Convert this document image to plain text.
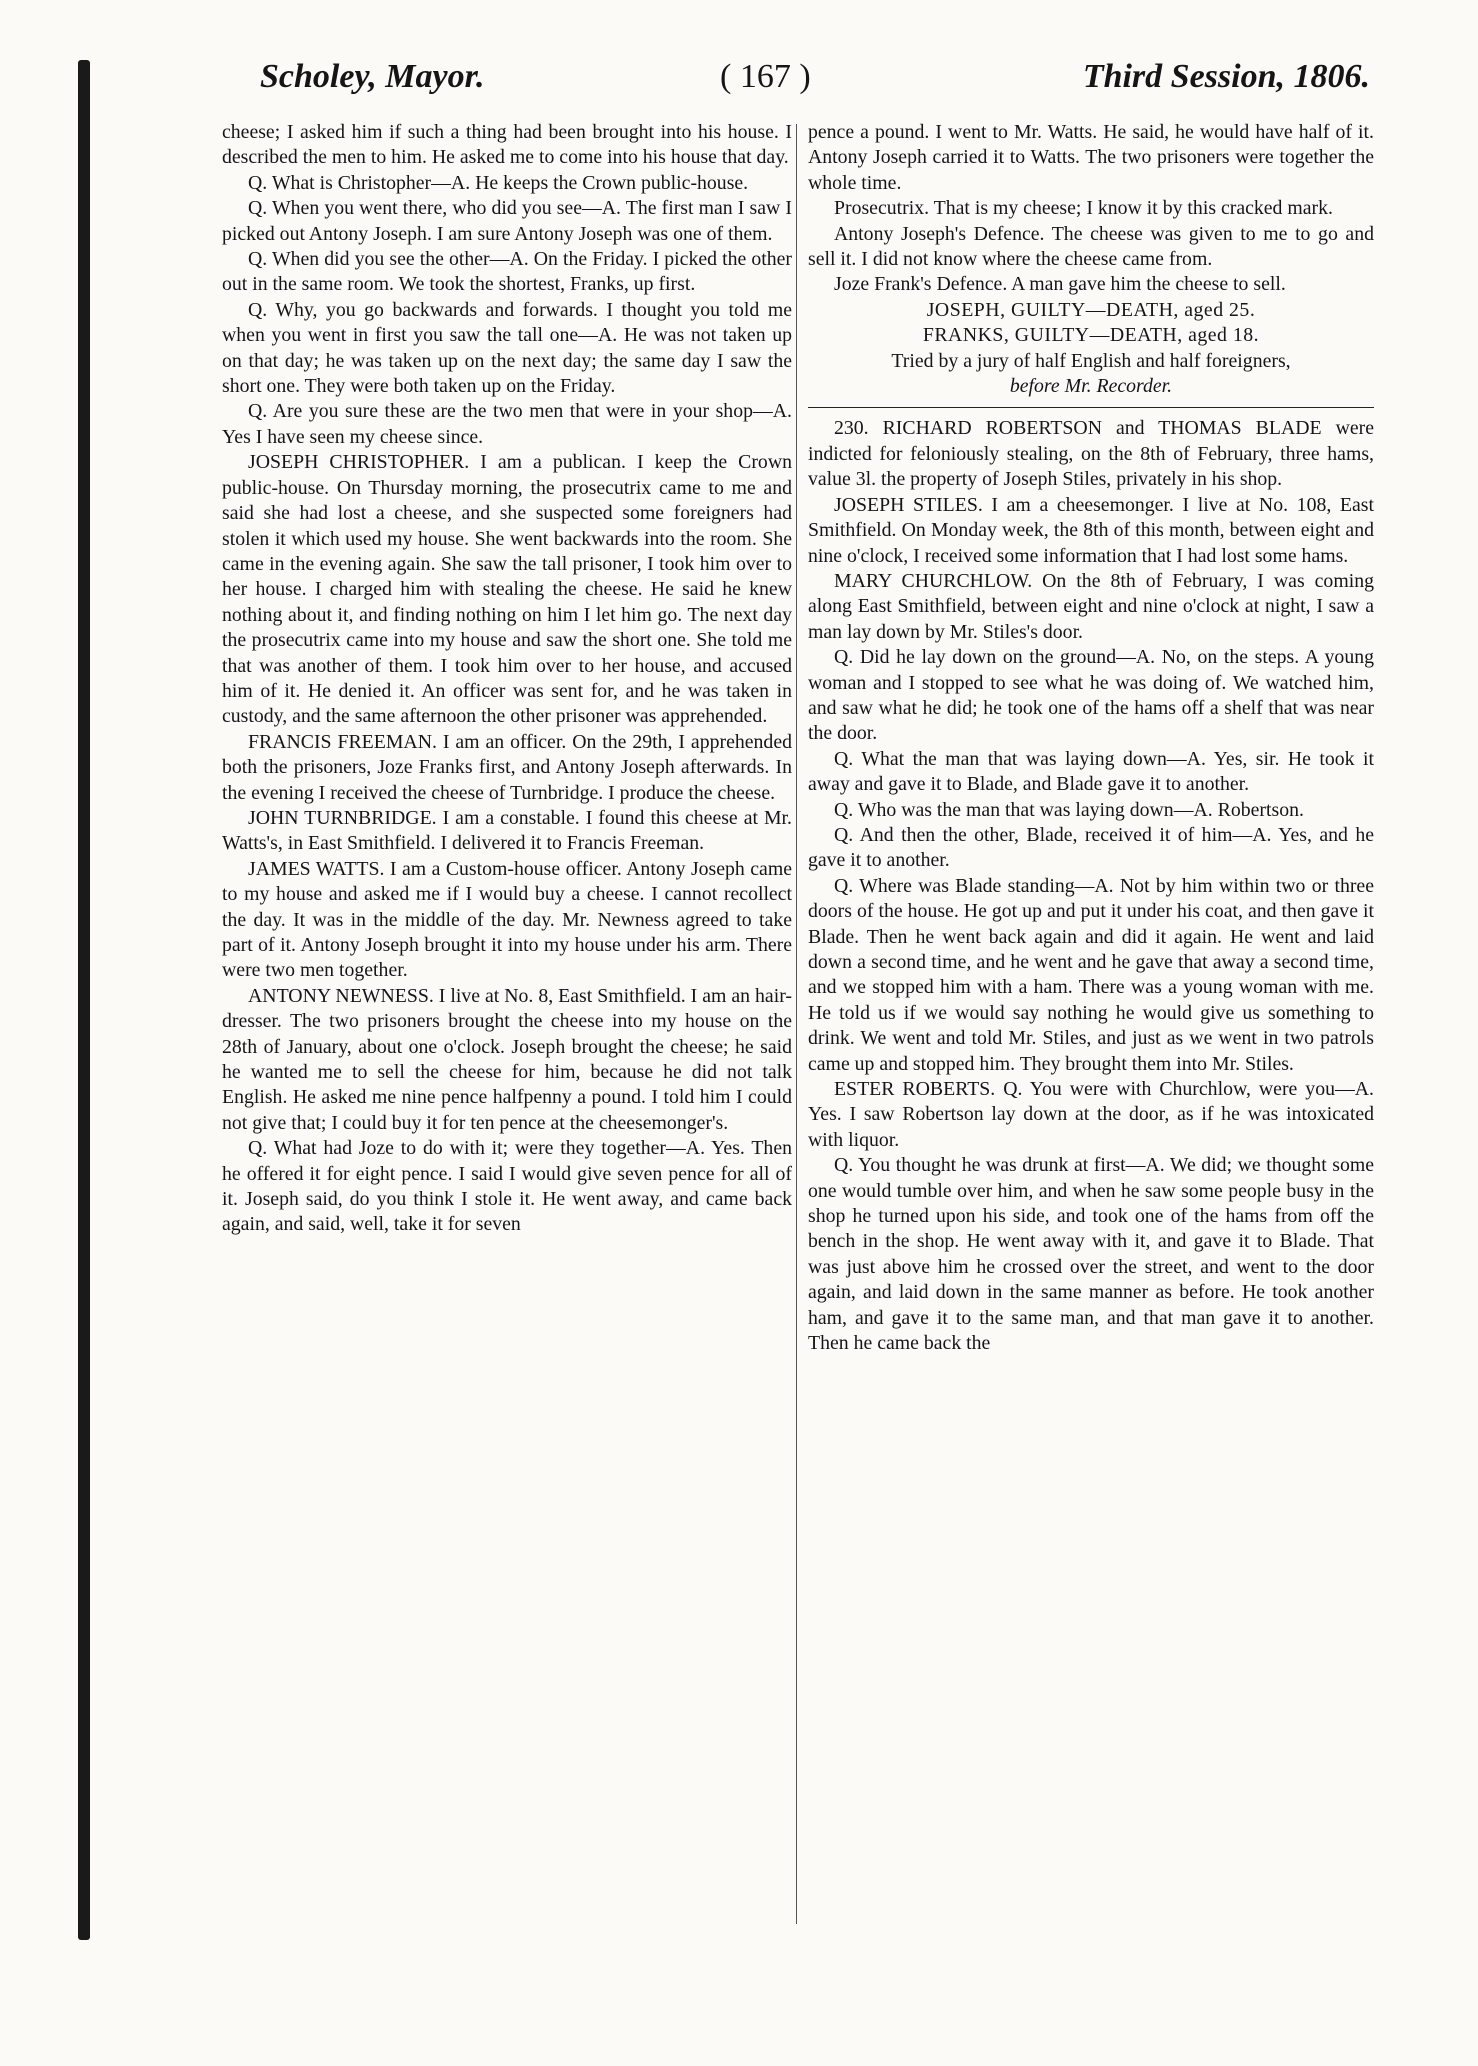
Scholey, Mayor.	( 167 )	Third Session, 1806.

cheese; I asked him if such a thing had been brought into his house. I described the men to him. He asked me to come into his house that day.

Q. What is Christopher—A. He keeps the Crown public-house.

Q. When you went there, who did you see—A. The first man I saw I picked out Antony Joseph. I am sure Antony Joseph was one of them.

Q. When did you see the other—A. On the Friday. I picked the other out in the same room. We took the shortest, Franks, up first.

Q. Why, you go backwards and forwards. I thought you told me when you went in first you saw the tall one—A. He was not taken up on that day; he was taken up on the next day; the same day I saw the short one. They were both taken up on the Friday.

Q. Are you sure these are the two men that were in your shop—A. Yes I have seen my cheese since.

JOSEPH CHRISTOPHER. I am a publican. I keep the Crown public-house. On Thursday morning, the prosecutrix came to me and said she had lost a cheese, and she suspected some foreigners had stolen it which used my house. She went backwards into the room. She came in the evening again. She saw the tall prisoner, I took him over to her house. I charged him with stealing the cheese. He said he knew nothing about it, and finding nothing on him I let him go. The next day the prosecutrix came into my house and saw the short one. She told me that was another of them. I took him over to her house, and accused him of it. He denied it. An officer was sent for, and he was taken in custody, and the same afternoon the other prisoner was apprehended.

FRANCIS FREEMAN. I am an officer. On the 29th, I apprehended both the prisoners, Joze Franks first, and Antony Joseph afterwards. In the evening I received the cheese of Turnbridge. I produce the cheese.

JOHN TURNBRIDGE. I am a constable. I found this cheese at Mr. Watts's, in East Smithfield. I delivered it to Francis Freeman.

JAMES WATTS. I am a Custom-house officer. Antony Joseph came to my house and asked me if I would buy a cheese. I cannot recollect the day. It was in the middle of the day. Mr. Newness agreed to take part of it. Antony Joseph brought it into my house under his arm. There were two men together.

ANTONY NEWNESS. I live at No. 8, East Smithfield. I am an hair-dresser. The two prisoners brought the cheese into my house on the 28th of January, about one o'clock. Joseph brought the cheese; he said he wanted me to sell the cheese for him, because he did not talk English. He asked me nine pence halfpenny a pound. I told him I could not give that; I could buy it for ten pence at the cheesemonger's.

Q. What had Joze to do with it; were they together—A. Yes. Then he offered it for eight pence. I said I would give seven pence for all of it. Joseph said, do you think I stole it. He went away, and came back again, and said, well, take it for seven

pence a pound. I went to Mr. Watts. He said, he would have half of it. Antony Joseph carried it to Watts. The two prisoners were together the whole time.

Prosecutrix. That is my cheese; I know it by this cracked mark.

Antony Joseph's Defence. The cheese was given to me to go and sell it. I did not know where the cheese came from.

Joze Frank's Defence. A man gave him the cheese to sell.

JOSEPH, GUILTY—DEATH, aged 25.

FRANKS, GUILTY—DEATH, aged 18.

Tried by a jury of half English and half foreigners,

before Mr. Recorder.

230. RICHARD ROBERTSON and THOMAS BLADE were indicted for feloniously stealing, on the 8th of February, three hams, value 3l. the property of Joseph Stiles, privately in his shop.

JOSEPH STILES. I am a cheesemonger. I live at No. 108, East Smithfield. On Monday week, the 8th of this month, between eight and nine o'clock, I received some information that I had lost some hams.

MARY CHURCHLOW. On the 8th of February, I was coming along East Smithfield, between eight and nine o'clock at night, I saw a man lay down by Mr. Stiles's door.

Q. Did he lay down on the ground—A. No, on the steps. A young woman and I stopped to see what he was doing of. We watched him, and saw what he did; he took one of the hams off a shelf that was near the door.

Q. What the man that was laying down—A. Yes, sir. He took it away and gave it to Blade, and Blade gave it to another.

Q. Who was the man that was laying down—A. Robertson.

Q. And then the other, Blade, received it of him—A. Yes, and he gave it to another.

Q. Where was Blade standing—A. Not by him within two or three doors of the house. He got up and put it under his coat, and then gave it Blade. Then he went back again and did it again. He went and laid down a second time, and he went and he gave that away a second time, and we stopped him with a ham. There was a young woman with me. He told us if we would say nothing he would give us something to drink. We went and told Mr. Stiles, and just as we went in two patrols came up and stopped him. They brought them into Mr. Stiles.

ESTER ROBERTS. Q. You were with Churchlow, were you—A. Yes. I saw Robertson lay down at the door, as if he was intoxicated with liquor.

Q. You thought he was drunk at first—A. We did; we thought some one would tumble over him, and when he saw some people busy in the shop he turned upon his side, and took one of the hams from off the bench in the shop. He went away with it, and gave it to Blade. That was just above him he crossed over the street, and went to the door again, and laid down in the same manner as before. He took another ham, and gave it to the same man, and that man gave it to another. Then he came back the
